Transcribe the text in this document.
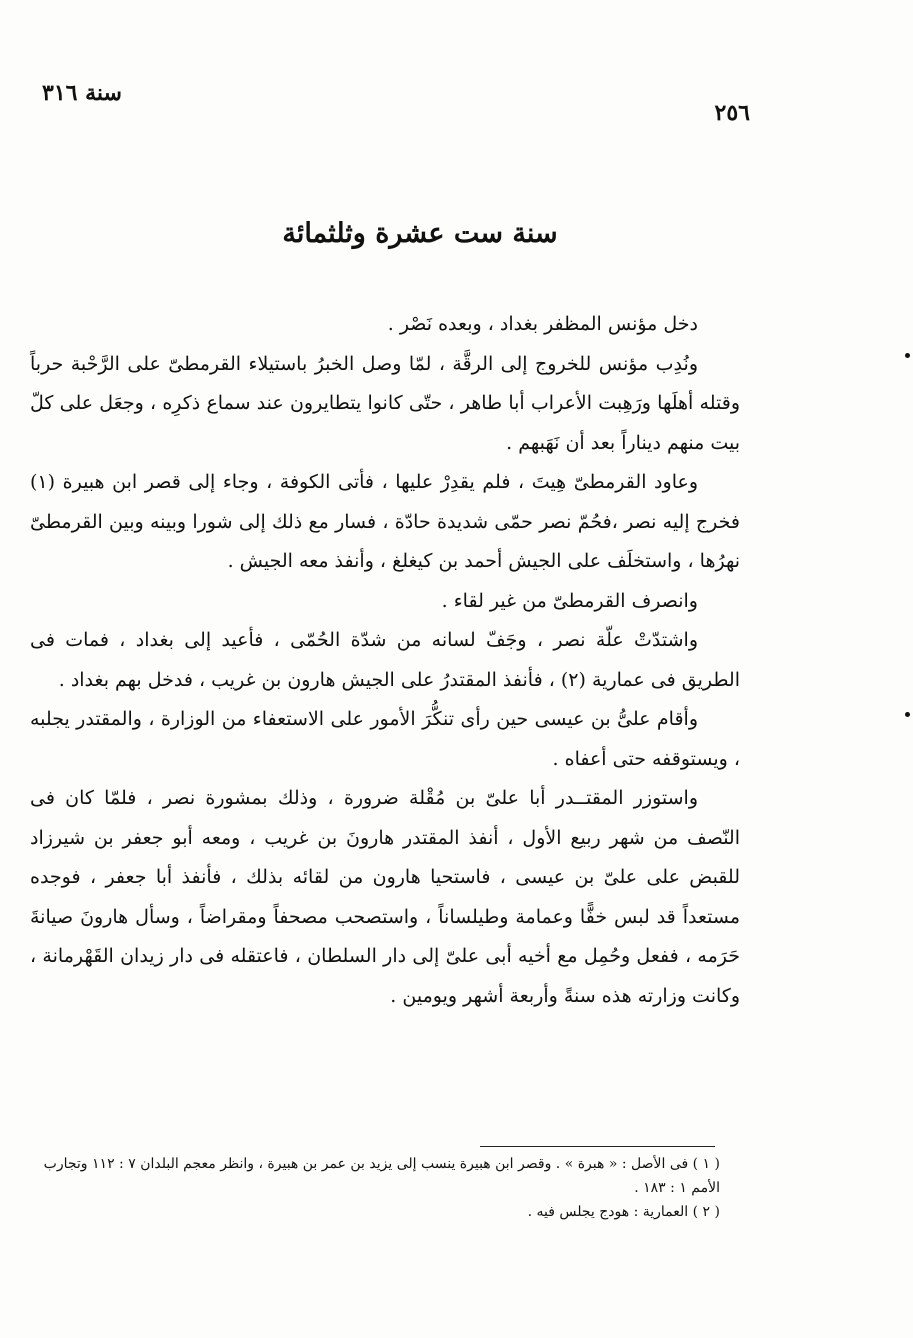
سنة ٣١٦
٢٥٦
سنة ست عشرة وثلثمائة

دخل مؤنس المظفر بغداد ، وبعده نَصْر .

ونُدِب مؤنس للخروج إلى الرقَّة ، لمّا وصل الخبرُ باستيلاء القرمطىّ على الرَّحْبة حرباً وقتله أهلَها ورَهِبت الأعراب أبا طاهر ، حتّى كانوا يتطايرون عند سماع ذكرِه ، وجعَل على كلّ بيت منهم ديناراً بعد أن نَهَبهم .

وعاود القرمطىّ هِيتَ ، فلم يقدِرْ عليها ، فأتى الكوفة ، وجاء إلى قصر ابن هبيرة (١) فخرج إليه نصر ،فحُمّ نصر حمّى شديدة حادّة ، فسار مع ذلك إلى شورا وبينه وبين القرمطىّ نهرُها ، واستخلَف على الجيش أحمد بن كيغلغ ، وأنفذ معه الجيش .

وانصرف القرمطىّ من غير لقاء .

واشتدّتْ علّة نصر ، وجَفّ لسانه من شدّة الحُمّى ، فأعيد إلى بغداد ، فمات فى الطريق فى عمارية (٢) ، فأنفذ المقتدرُ على الجيش هارون بن غريب ، فدخل بهم بغداد .

وأقام علىُّ بن عيسى حين رأى تنكُّرَ الأمور على الاستعفاء من الوزارة ، والمقتدر يجلبه ، ويستوقفه حتى أعفاه .

واستوزر المقتــدر أبا علىّ بن مُقْلة ضرورة ، وذلك بمشورة نصر ، فلمّا كان فى النّصف من شهر ربيع الأول ، أنفذ المقتدر هارونَ بن غريب ، ومعه أبو جعفر بن شيرزاد للقبض على علىّ بن عيسى ، فاستحيا هارون من لقائه بذلك ، فأنفذ أبا جعفر ، فوجده مستعداً قد لبس خفًّا وعمامة وطيلساناً ، واستصحب مصحفاً ومقراضاً ، وسأل هارونَ صيانةَ حَرَمه ، ففعل وحُمِل مع أخيه أبى علىّ إلى دار السلطان ، فاعتقله فى دار زيدان القَهْرمانة ، وكانت وزارته هذه سنةً وأربعة أشهر ويومين .

( ١ ) فى الأصل : « هبرة » . وقصر ابن هبيرة ينسب إلى يزيد بن عمر بن هبيرة ، وانظر معجم البلدان ٧ : ١١٢ وتجارب الأمم ١ : ١٨٣ .
( ٢ ) العمارية : هودج يجلس فيه .
